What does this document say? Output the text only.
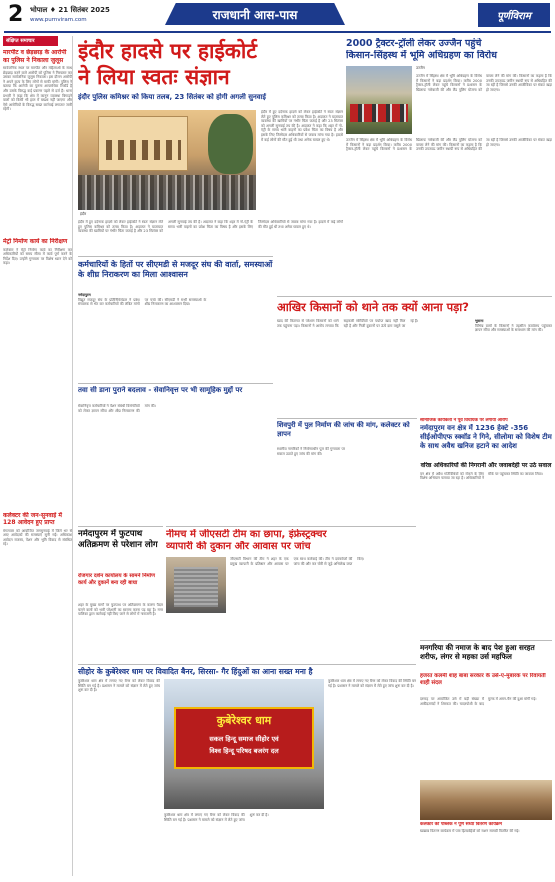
2 भोपाल ♦ 21 सितंबर 2025
www.purnviram.com	राजधानी आस-पास	पूर्णविराम
संक्षिप्त समाचार
मारपीट व छेड़छाड़ के आरोपी का पुलिस ने निकाला जुलूस
सार्वजनिक स्थल पर मारपीट और महिलाओं के साथ छेड़छाड़ करने वाले आरोपी को पुलिस ने गिरफ्तार कर उसका सार्वजनिक जुलूस निकाला। इस दौरान आरोपी ने अपने कृत्य के लिए लोगों से माफी मांगी। पुलिस ने बताया कि आरोपी का पुराना आपराधिक रिकॉर्ड है और उसके विरुद्ध कई प्रकरण पहले से दर्ज हैं। थाना प्रभारी ने कहा कि क्षेत्र में कानून व्यवस्था बिगाड़ने वालों को किसी भी हाल में बख्शा नहीं जाएगा और ऐसे आरोपियों के विरुद्ध सख्त कार्रवाई लगातार जारी रहेगी।
मेट्रो निर्माण कार्य का निरीक्षण
कलेक्टर ने मेट्रो निर्माण कार्य का निरीक्षण कर अधिकारियों को समय सीमा में कार्य पूर्ण करने के निर्देश दिए। उन्होंने गुणवत्ता पर विशेष ध्यान देने को कहा।
कलेक्टर की जन-सुनवाई में 128 आवेदन हुए प्राप्त
मंगलवार को आयोजित जनसुनवाई में जिले भर से आए आवेदकों की समस्याएं सुनी गईं। अधिकांश आवेदन राजस्व, पेंशन और भूमि विवाद से संबंधित रहे।
इंदौर हादसे पर हाईकोर्ट
ने लिया स्वतः संज्ञान
इंदौर पुलिस कमिश्नर को किया तलब, 23 सितंबर को होगी अगली सुनवाई
इंदौर
इंदौर में हुए दर्दनाक हादसे को लेकर हाईकोर्ट ने स्वतः संज्ञान लेते हुए पुलिस कमिश्नर को तलब किया है। अदालत ने यातायात व्यवस्था की खामियों पर गंभीर चिंता जताई है और 23 सितंबर को अगली सुनवाई तय की है। अदालत ने कहा कि शहर में नो-एंट्री के समय भारी वाहनों का प्रवेश चिंता का विषय है और इसके लिए जिम्मेदार अधिकारियों से जवाब मांगा गया है। हादसे में कई लोगों की मौत हुई थी तथा अनेक घायल हुए थे।
इंदौर में हुए दर्दनाक हादसे को लेकर हाईकोर्ट ने स्वतः संज्ञान लेते हुए पुलिस कमिश्नर को तलब किया है। अदालत ने यातायात व्यवस्था की खामियों पर गंभीर चिंता जताई है और 23 सितंबर को अगली सुनवाई तय की है। अदालत ने कहा कि शहर में नो-एंट्री के समय भारी वाहनों का प्रवेश चिंता का विषय है और इसके लिए जिम्मेदार अधिकारियों से जवाब मांगा गया है। हादसे में कई लोगों की मौत हुई थी तथा अनेक घायल हुए थे।
2000 ट्रैक्टर-ट्रॉली लेकर उज्जैन पहुंचे
किसान-सिंहस्थ में भूमि अधिग्रहण का विरोध
उज्जैन
उज्जैन में सिंहस्थ क्षेत्र में भूमि अधिग्रहण के विरोध में किसानों ने बड़ा प्रदर्शन किया। करीब 2000 ट्रैक्टर-ट्रॉली लेकर पहुंचे किसानों ने प्रशासन के खिलाफ नारेबाजी की और लैंड पूलिंग योजना को वापस लेने की मांग की। किसानों का कहना है कि उनकी उपजाऊ जमीन स्थायी रूप से अधिग्रहित की जा रही है जिससे उनकी आजीविका पर संकट खड़ा हो जाएगा।
उज्जैन में सिंहस्थ क्षेत्र में भूमि अधिग्रहण के विरोध में किसानों ने बड़ा प्रदर्शन किया। करीब 2000 ट्रैक्टर-ट्रॉली लेकर पहुंचे किसानों ने प्रशासन के खिलाफ नारेबाजी की और लैंड पूलिंग योजना को वापस लेने की मांग की। किसानों का कहना है कि उनकी उपजाऊ जमीन स्थायी रूप से अधिग्रहित की जा रही है जिससे उनकी आजीविका पर संकट खड़ा हो जाएगा।
कर्मचारियों के हितों पर सीएमडी से मजदूर संघ की वार्ता, समस्याओं के शीघ्र निराकरण का मिला आश्वासन
नर्मदापुरम
विद्युत मजदूर संघ के प्रतिनिधिमंडल ने प्रबंध संचालक से भेंट कर कर्मचारियों की लंबित मांगों पर चर्चा की। सीएमडी ने सभी समस्याओं के शीघ्र निराकरण का आश्वासन दिया।	आखिर किसानों को थाने तक क्यों आना पड़ा?
खाद की किल्लत से परेशान किसानों को थाने तक पहुंचना पड़ा। किसानों ने आरोप लगाया कि सहकारी समितियों पर पर्याप्त खाद नहीं मिल रही है और निजी दुकानों पर ऊंचे दाम वसूले जा रहे हैं।	भुवाना
विभिन्न ग्रामों के किसानों ने तहसील कार्यालय पहुंचकर ज्ञापन सौंपा और समस्याओं के समाधान की मांग की।
शिवपुरी में पुल निर्माण की जांच की मांग, कलेक्टर को ज्ञापन
स्थानीय नागरिकों ने निर्माणाधीन पुल की गुणवत्ता पर सवाल उठाते हुए जांच की मांग की।
सामाजिक कार्यकर्ता ने पूर्व विधायक पर लगाया आरोप
नर्मदापुरम वन क्षेत्र में 1236 हेक्टे -356 सीईओपीएफ स्क्वॉड ने गिने, सीलोमा को विशेष टीम के साथ अवैध खनिज हटाने का आदेश
वरिष्ठ अधिकारियों की निगरानी और जवाबदेही पर उठे सवाल
वन क्षेत्र में अवैध गतिविधियों को रोकने के लिए विशेष अभियान चलाया जा रहा है। अधिकारियों ने मौके पर पहुंचकर स्थिति का जायजा लिया।
तवा सी डाना पुराने बदलाव - सेवानिवृत्त पर भी सामूहिक मुद्दों पर
सेवानिवृत्त कर्मचारियों ने पेंशन संबंधी विसंगतियों को लेकर ज्ञापन सौंपा और शीघ्र निराकरण की मांग की।
नर्मदापुरम में फुटपाथ अतिक्रमण से परेशान लोग
रोजगार दर्शन कार्यालय के सामने निर्माण कार्य और दुकानें बना रही बाधा
शहर के मुख्य मार्गों पर फुटपाथ पर अतिक्रमण के कारण पैदल चलने वालों को भारी परेशानी का सामना करना पड़ रहा है। नगर पालिका द्वारा कार्रवाई नहीं किए जाने से लोगों में नाराजगी है।
नीमच में जीएसटी टीम का छापा, इंफ्रेस्ट्रक्चर
व्यापारी की दुकान और आवास पर जांच
जीएसटी विभाग की टीम ने शहर के एक प्रमुख व्यापारी के प्रतिष्ठान और आवास पर एक साथ कार्रवाई की। टीम ने दस्तावेजों की जांच की और कर चोरी से जुड़े अभिलेख जब्त किए।
मनगरिया की नमाज के बाद पेश हुआ सरहत शरीफ, लंगर से महका उर्स महफिल
हजरत कलमी शाह बाबा सरकार के उर्स-ए-मुबारक पर रिवायती शाही संदल
दरगाह पर आयोजित उर्स में बड़ी संख्या में अकीदतमंदों ने शिरकत की। चादरपोशी के बाद मुल्क में अमन-चैन की दुआ मांगी गई।
कलेक्टर की पब्लिक ने पूर्ण संध्या वितरण कार्यक्रम
खाद्यान्न वितरण कार्यक्रम में पात्र हितग्राहियों को राशन सामग्री वितरित की गई।
सीहोर के कुबेरेश्वर धाम पर विवादित बैनर, सिरसा- गैर हिंदुओं का आना सख्त मना है
कुबेरेश्वर धाम क्षेत्र में लगाए गए बैनर को लेकर विवाद की स्थिति बन गई है। प्रशासन ने मामले को संज्ञान में लेते हुए जांच शुरू कर दी है।
कुबेरेश्वर धाम
सकल हिन्दू समाज सीहोर एवं
विश्व हिन्दू परिषद बजरंग दल
कुबेरेश्वर धाम क्षेत्र में लगाए गए बैनर को लेकर विवाद की स्थिति बन गई है। प्रशासन ने मामले को संज्ञान में लेते हुए जांच शुरू कर दी है।
कुबेरेश्वर धाम क्षेत्र में लगाए गए बैनर को लेकर विवाद की स्थिति बन गई है। प्रशासन ने मामले को संज्ञान में लेते हुए जांच शुरू कर दी है।
